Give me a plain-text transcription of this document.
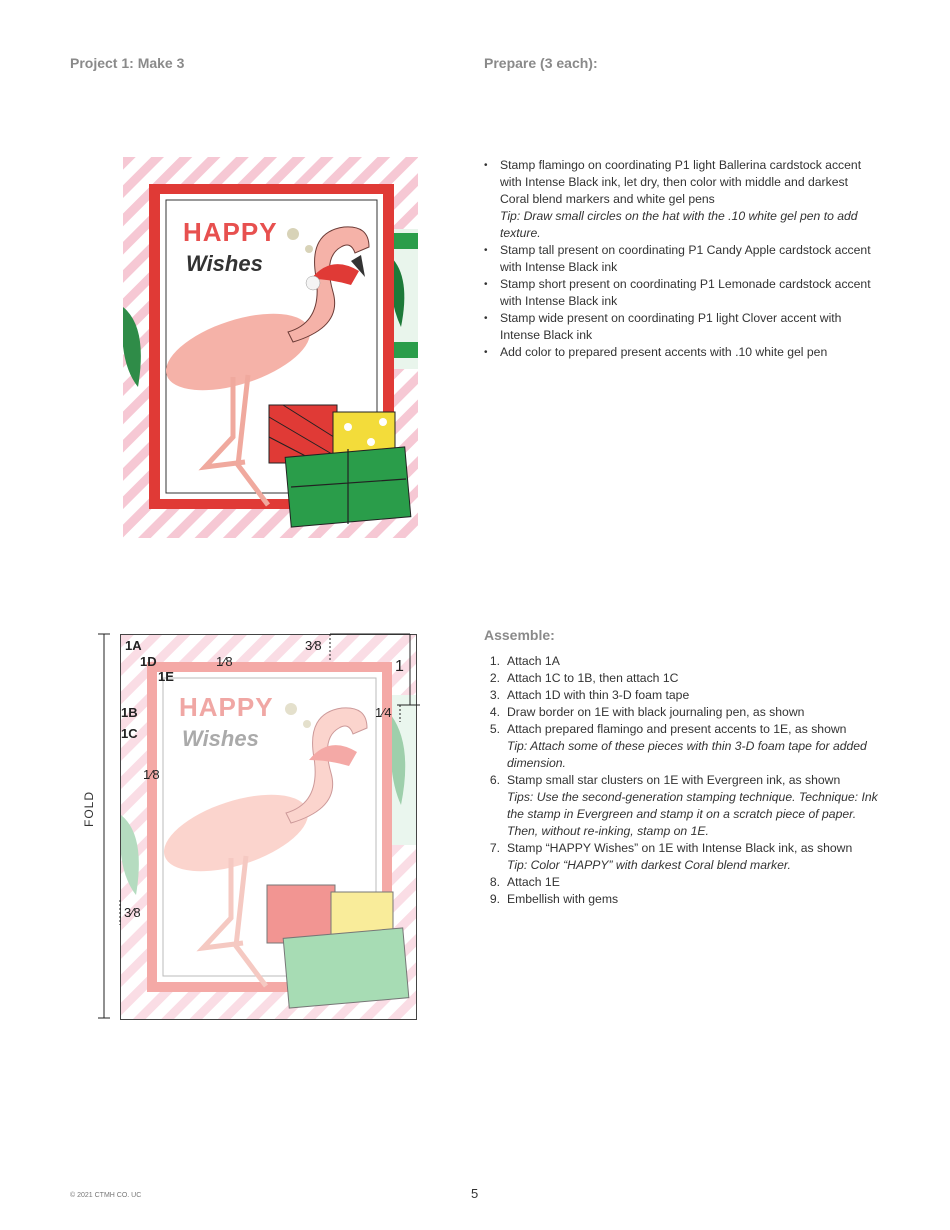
Project 1: Make 3	Prepare (3 each):
HAPPY
Wishes
• Stamp flamingo on coordinating P1 light Ballerina cardstock accent with Intense Black ink, let dry, then color with middle and darkest Coral blend markers and white gel pens
Tip: Draw small circles on the hat with the .10 white gel pen to add texture.
• Stamp tall present on coordinating P1 Candy Apple cardstock accent with Intense Black ink
• Stamp short present on coordinating P1 Lemonade cardstock accent with Intense Black ink
• Stamp wide present on coordinating P1 light Clover accent with Intense Black ink
• Add color to prepared present accents with .10 white gel pen
HAPPY
Wishes
1A
1D
1E
1B
1C
3⁄8
1
1⁄4
1⁄8
1⁄8
3⁄8
FOLD
Assemble:
1. Attach 1A
2. Attach 1C to 1B, then attach 1C
3. Attach 1D with thin 3-D foam tape
4. Draw border on 1E with black journaling pen, as shown
5. Attach prepared flamingo and present accents to 1E, as shown
Tip: Attach some of these pieces with thin 3-D foam tape for added dimension.
6. Stamp small star clusters on 1E with Evergreen ink, as shown
Tips: Use the second-generation stamping technique. Technique: Ink the stamp in Evergreen and stamp it on a scratch piece of paper. Then, without re-inking, stamp on 1E.
7. Stamp “HAPPY Wishes” on 1E with Intense Black ink, as shown
Tip: Color “HAPPY” with darkest Coral blend marker.
8. Attach 1E
9. Embellish with gems
© 2021 CTMH CO. UC	5
